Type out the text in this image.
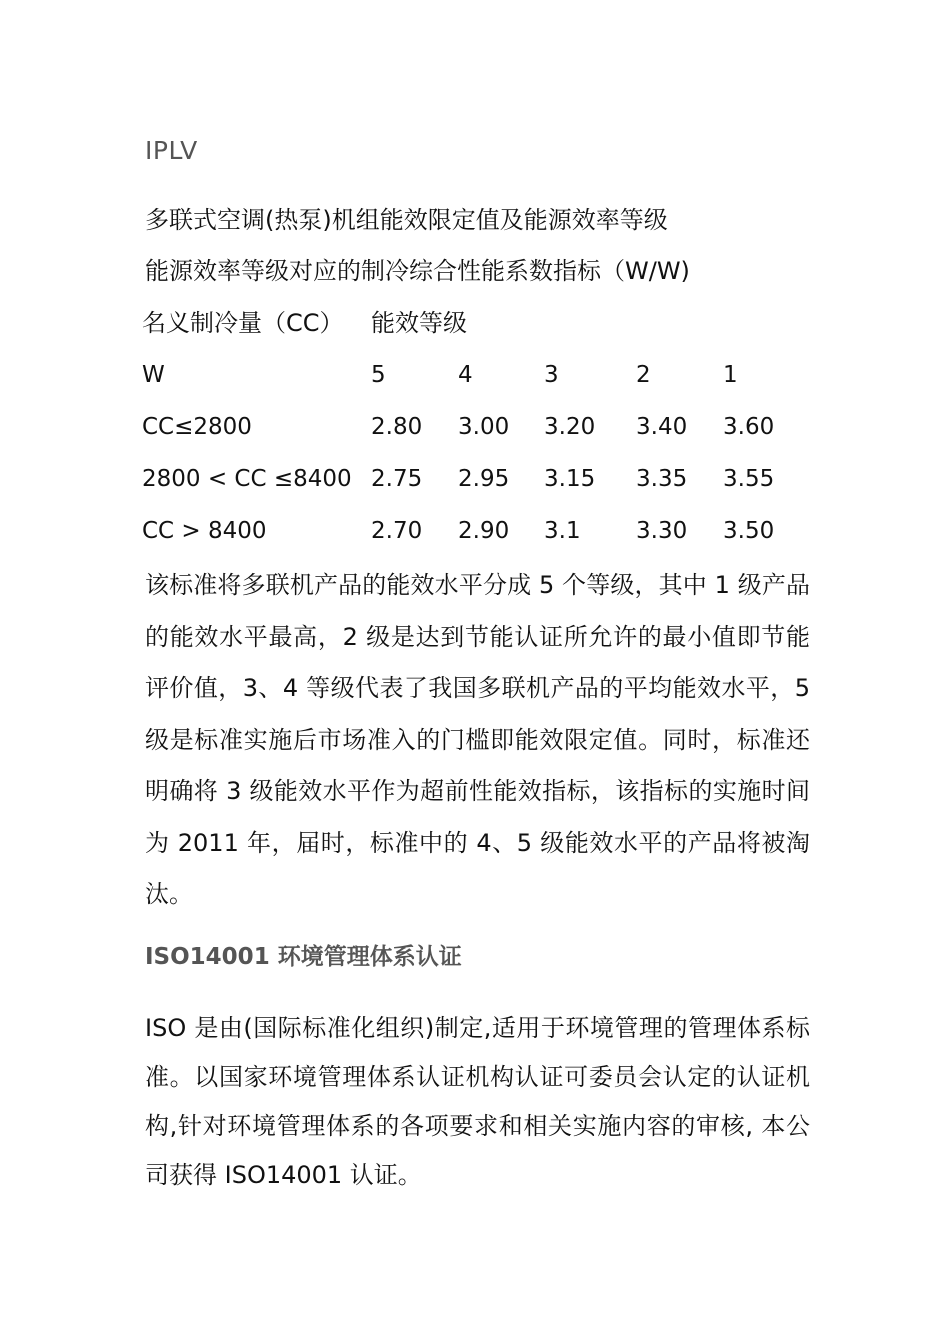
IPLV
多联式空调(热泵)机组能效限定值及能源效率等级
能源效率等级对应的制冷综合性能系数指标（W/W)
名义制冷量（CC） 能效等级
W	5	4	3	2	1
CC≤2800	2.80 3.00 3.20 3.40 3.60
2800 < CC ≤8400 2.75 2.95 3.15 3.35 3.55
CC > 8400	2.70 2.90 3.1 3.30 3.50

该标准将多联机产品的能效水平分成 5 个等级，其中 1 级产品的能效水平最高，2 级是达到节能认证所允许的最小值即节能评价值，3、4 等级代表了我国多联机产品的平均能效水平，5 级是标准实施后市场准入的门槛即能效限定值。同时，标准还明确将 3 级能效水平作为超前性能效指标，该指标的实施时间为 2011 年，届时，标准中的 4、5 级能效水平的产品将被淘汰。

ISO14001 环境管理体系认证

ISO 是由(国际标准化组织)制定,适用于环境管理的管理体系标准。以国家环境管理体系认证机构认证可委员会认定的认证机构,针对环境管理体系的各项要求和相关实施内容的审核, 本公司获得 ISO14001 认证。
